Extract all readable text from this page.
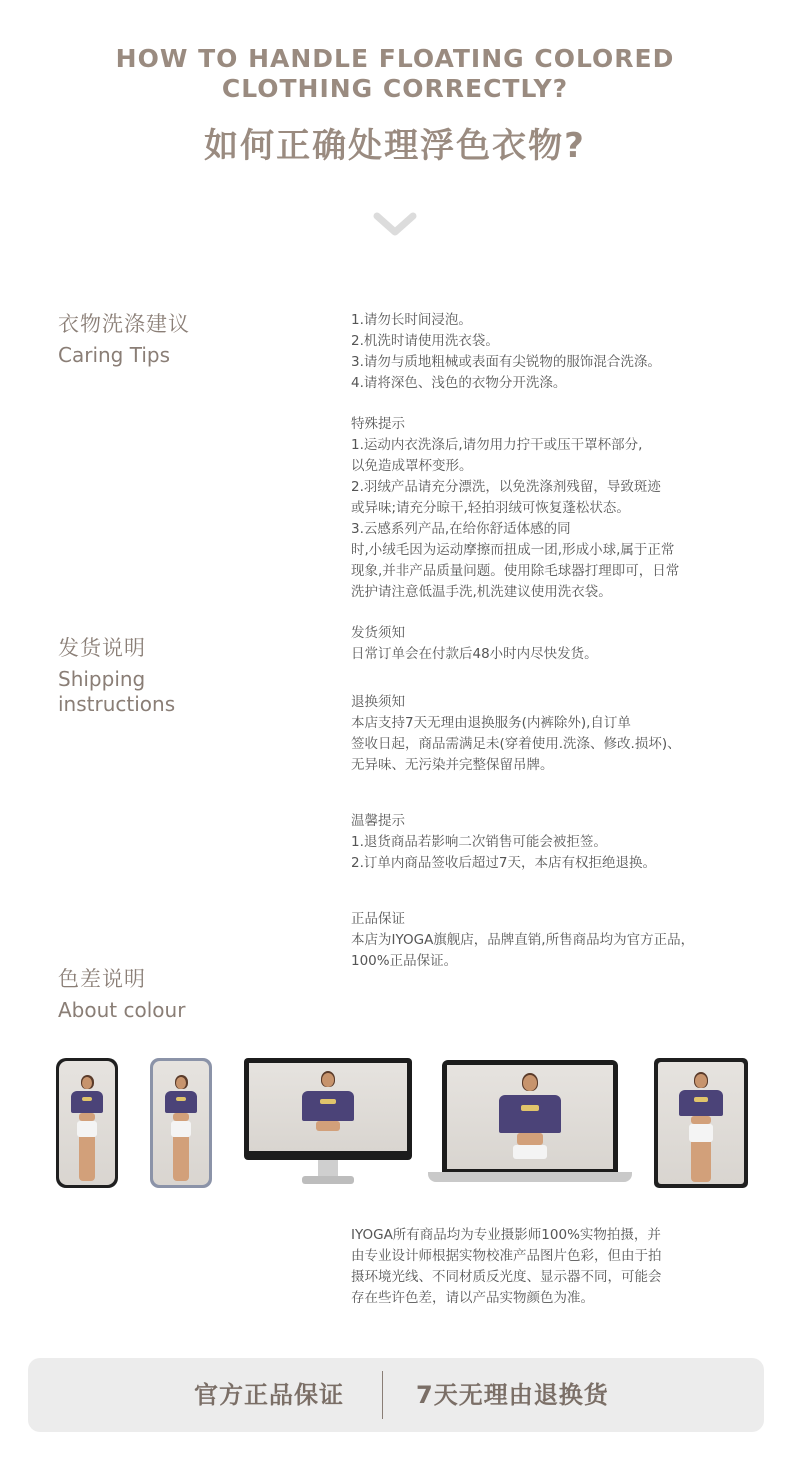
HOW TO HANDLE FLOATING COLORED
CLOTHING CORRECTLY?
如何正确处理浮色衣物?
衣物洗涤建议
Caring Tips

1.请勿长时间浸泡。

2.机洗时请使用洗衣袋。

3.请勿与质地粗械或表面有尖锐物的服饰混合洗涤。

4.请将深色、浅色的衣物分开洗涤。

特殊提示

1.运动内衣洗涤后,请勿用力拧干或压干罩杯部分,

以免造成罩杯变形。

2.羽绒产品请充分漂洗，以免洗涤剂残留，导致斑迹

或异味;请充分晾干,轻拍羽绒可恢复蓬松状态。

3.云感系列产品,在给你舒适体感的同

时,小绒毛因为运动摩擦而扭成一团,形成小球,属于正常

现象,并非产品质量问题。使用除毛球器打理即可，日常

洗护请注意低温手洗,机洗建议使用洗衣袋。

发货说明
Shipping
instructions

发货须知

日常订单会在付款后48小时内尽快发货。

退换须知

本店支持7天无理由退换服务(内裤除外),自订单

签收日起，商品需满足未(穿着使用.洗涤、修改.损坏)、

无异味、无污染并完整保留吊牌。

温馨提示

1.退货商品若影响二次销售可能会被拒签。

2.订单内商品签收后超过7天，本店有权拒绝退换。

正品保证

本店为IYOGA旗舰店，品牌直销,所售商品均为官方正品，

100%正品保证。

色差说明
About colour

IYOGA所有商品均为专业摄影师100%实物拍摄，并

由专业设计师根据实物校准产品图片色彩，但由于拍

摄环境光线、不同材质反光度、显示器不同，可能会

存在些许色差，请以产品实物颜色为准。

官方正品保证	7天无理由退换货
